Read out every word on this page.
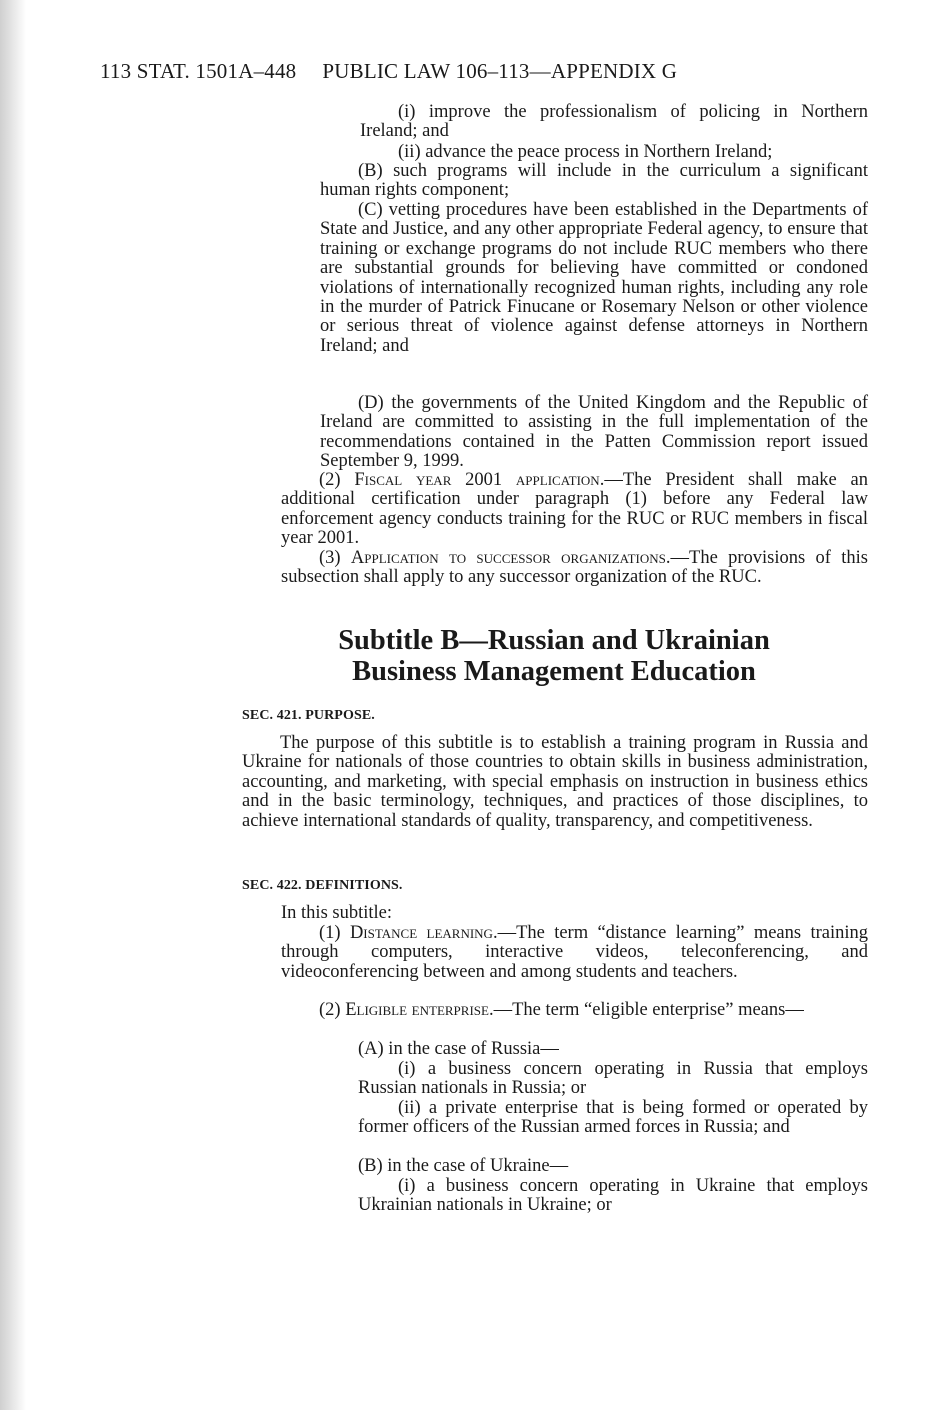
113 STAT. 1501A–448 PUBLIC LAW 106–113—APPENDIX G

(i) improve the professionalism of policing in Northern Ireland; and

(ii) advance the peace process in Northern Ireland;

(B) such programs will include in the curriculum a significant human rights component;

(C) vetting procedures have been established in the Departments of State and Justice, and any other appropriate Federal agency, to ensure that training or exchange programs do not include RUC members who there are substantial grounds for believing have committed or condoned violations of internationally recognized human rights, including any role in the murder of Patrick Finucane or Rosemary Nelson or other violence or serious threat of violence against defense attorneys in Northern Ireland; and

(D) the governments of the United Kingdom and the Republic of Ireland are committed to assisting in the full implementation of the recommendations contained in the Patten Commission report issued September 9, 1999.

(2) Fiscal year 2001 application.—The President shall make an additional certification under paragraph (1) before any Federal law enforcement agency conducts training for the RUC or RUC members in fiscal year 2001.

(3) Application to successor organizations.—The provisions of this subsection shall apply to any successor organization of the RUC.

Subtitle B—Russian and Ukrainian
Business Management Education
SEC. 421. PURPOSE.

The purpose of this subtitle is to establish a training program in Russia and Ukraine for nationals of those countries to obtain skills in business administration, accounting, and marketing, with special emphasis on instruction in business ethics and in the basic terminology, techniques, and practices of those disciplines, to achieve international standards of quality, transparency, and competitiveness.

SEC. 422. DEFINITIONS.

In this subtitle:

(1) Distance learning.—The term “distance learning” means training through computers, interactive videos, teleconferencing, and videoconferencing between and among students and teachers.

(2) Eligible enterprise.—The term “eligible enterprise” means—

(A) in the case of Russia—

(i) a business concern operating in Russia that employs Russian nationals in Russia; or

(ii) a private enterprise that is being formed or operated by former officers of the Russian armed forces in Russia; and

(B) in the case of Ukraine—

(i) a business concern operating in Ukraine that employs Ukrainian nationals in Ukraine; or
